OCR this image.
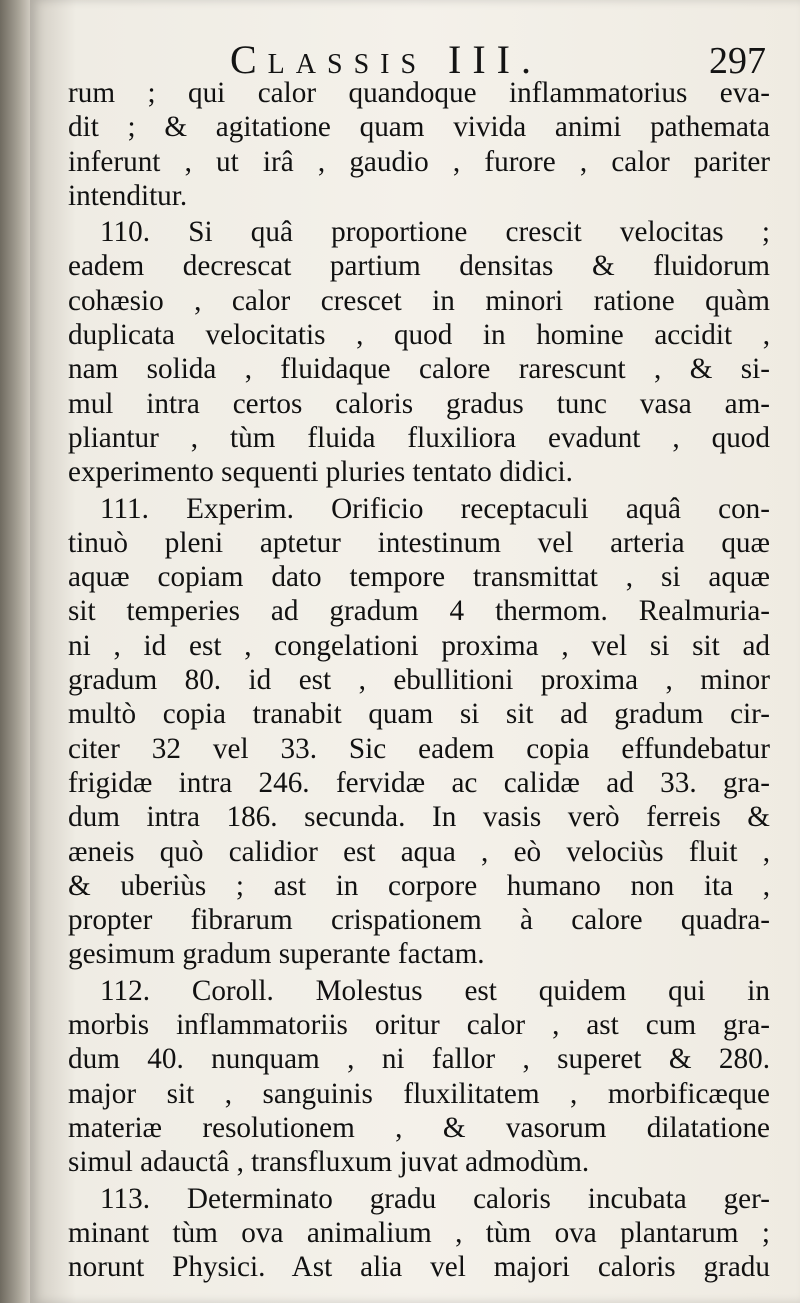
Classis III.	297
rum ; qui calor quandoque inflammatorius eva-
dit ; & agitatione quam vivida animi pathemata
inferunt , ut irâ , gaudio , furore , calor pariter
intenditur.
110. Si quâ proportione crescit velocitas ;
eadem decrescat partium densitas & fluidorum
cohæsio , calor crescet in minori ratione quàm
duplicata velocitatis , quod in homine accidit ,
nam solida , fluidaque calore rarescunt , & si-
mul intra certos caloris gradus tunc vasa am-
pliantur , tùm fluida fluxiliora evadunt , quod
experimento sequenti pluries tentato didici.
111. Experim. Orificio receptaculi aquâ con-
tinuò pleni aptetur intestinum vel arteria quæ
aquæ copiam dato tempore transmittat , si aquæ
sit temperies ad gradum 4 thermom. Realmuria-
ni , id est , congelationi proxima , vel si sit ad
gradum 80. id est , ebullitioni proxima , minor
multò copia tranabit quam si sit ad gradum cir-
citer 32 vel 33. Sic eadem copia effundebatur
frigidæ intra 246. fervidæ ac calidæ ad 33. gra-
dum intra 186. secunda. In vasis verò ferreis &
æneis quò calidior est aqua , eò velociùs fluit ,
& uberiùs ; ast in corpore humano non ita ,
propter fibrarum crispationem à calore quadra-
gesimum gradum superante factam.
112. Coroll. Molestus est quidem qui in
morbis inflammatoriis oritur calor , ast cum gra-
dum 40. nunquam , ni fallor , superet & 280.
major sit , sanguinis fluxilitatem , morbificæque
materiæ resolutionem , & vasorum dilatatione
simul adauctâ , transfluxum juvat admodùm.
113. Determinato gradu caloris incubata ger-
minant tùm ova animalium , tùm ova plantarum ;
norunt Physici. Ast alia vel majori caloris gradu
